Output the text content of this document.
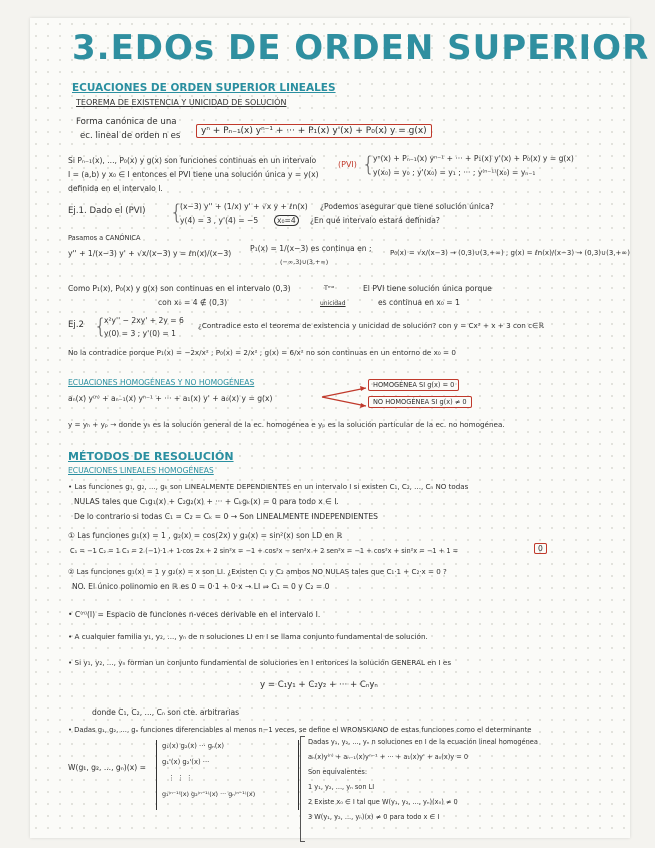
3.EDOs DE ORDEN SUPERIOR
ECUACIONES DE ORDEN SUPERIOR LINEALES
TEOREMA DE EXISTENCIA Y UNICIDAD DE SOLUCIÓN
Forma canónica de una
ec. lineal de orden n es	yⁿ + Pₙ₋₁(x) yⁿ⁻¹ + ··· + P₁(x) y'(x) + P₀(x) y = g(x)
(PVI) {
yⁿ(x) + Pₙ₋₁(x) yⁿ⁻¹ + ··· + P₁(x) y'(x) + P₀(x) y = g(x)
y(x₀) = y₀ ; y'(x₀) = y₁ ; ··· ; y⁽ⁿ⁻¹⁾(x₀) = yₙ₋₁
Si Pₙ₋₁(x), ..., P₀(x) y g(x) son funciones continuas en un intervalo
I = (a,b) y x₀ ∈ I entonces el PVI tiene una solución única y = y(x)
definida en el intervalo I.
Ej.1. Dado el (PVI) {
(x−3) y'' + (1/x) y' + √x y + ℓn(x)
y(4) = 3 , y'(4) = −5	x₀=4
¿Podemos asegurar que tiene solución única?
¿En qué intervalo estará definida?
Pasamos a CANÓNICA
y'' + 1/(x−3) y' + √x/(x−3) y = ℓn(x)/(x−3)
P₁(x) = 1/(x−3) es continua en ;
(−∞,3)∪(3,+∞)
P₀(x) = √x/(x−3) → (0,3)∪(3,+∞) ; g(x) = ℓn(x)/(x−3) → (0,3)∪(3,+∞)
Como P₁(x), P₀(x) y g(x) son continuas en el intervalo (0,3)
con x₀ = 4 ∉ (0,3)
Tᵐᵃ
unicidad
El PVI tiene solución única porque
es continua en x₀ = 1
Ej.2 {
x²y'' − 2xy' + 2y = 6
y(0) = 3 ; y'(0) = 1
¿Contradice esto el teorema de existencia y unicidad de solución? con y = Cx² + x + 3 con c∈ℝ
No la contradice porque P₁(x) = −2x/x² ; P₀(x) = 2/x² ; g(x) = 6/x² no son continuas en un entorno de x₀ = 0
ECUACIONES HOMOGÉNEAS Y NO HOMOGÉNEAS
aₙ(x) y⁽ⁿ⁾ + aₙ₋₁(x) yⁿ⁻¹ + ··· + a₁(x) y' + a₀(x) y = g(x)
HOMOGÉNEA SI g(x) = 0
NO HOMOGÉNEA SI g(x) ≠ 0
y = yₕ + yₚ → donde yₕ es la solución general de la ec. homogénea e yₚ es la solución particular de la ec. no homogénea.
MÉTODOS DE RESOLUCIÓN
ECUACIONES LINEALES HOMOGÉNEAS
• Las funciones g₁, g₂, ..., gₖ son LINEALMENTE DEPENDIENTES en un intervalo I si existen C₁, C₂, ..., Cₙ NO todas
NULAS tales que C₁g₁(x) + C₂g₂(x) + ··· + Cₖgₖ(x) = 0 para todo x ∈ I.
De lo contrario si todas C₁ = C₂ = Cₖ = 0 → Son LINEALMENTE INDEPENDIENTES
① Las funciones g₁(x) = 1 , g₂(x) = cos(2x) y g₃(x) = sin²(x) son LD en ℝ
C₁ = −1 C₂ = 1 C₃ = 2 (−1)·1 + 1·cos 2x + 2 sin²x = −1 + cos²x − sen²x + 2 sen²x = −1 + cos²x + sin²x = −1 + 1 =	0
② Las funciones g₁(x) = 1 y g₂(x) = x son LI. ¿Existen C₁ y C₂ ambos NO NULAS tales que C₁·1 + C₂·x = 0 ?
NO. El único polinomio en ℝ es 0 = 0·1 + 0·x → LI ⇒ C₁ = 0 y C₂ = 0
• C⁽ⁿ⁾(I) = Espacio de funciones n-veces derivable en el intervalo I.
• A cualquier familia y₁, y₂, ..., yₙ de n soluciones LI en I se llama conjunto fundamental de solución.
• Si y₁, y₂, ..., yₙ forman un conjunto fundamental de soluciones en I entonces la solución GENERAL en I es
y = C₁y₁ + C₂y₂ + ··· + Cₙyₙ
donde C₁, C₂, ..., Cₙ son cte. arbitrarias
• Dadas g₁, g₂, ..., gₙ funciones diferenciables al menos n−1 veces, se define el WRONSKIANO de estas funciones como el determinante
W(g₁, g₂, ..., gₙ)(x) =
g₁(x) g₂(x) ··· gₙ(x)
g₁'(x) g₂'(x) ···
⋮ ⋮ ⋮
g₁⁽ⁿ⁻¹⁾(x) g₂⁽ⁿ⁻¹⁾(x) ··· gₙ⁽ⁿ⁻¹⁾(x)
Dadas y₁, y₂, ..., yₙ n soluciones en I de la ecuación lineal homogénea
aₙ(x)y⁽ⁿ⁾ + aₙ₋₁(x)yⁿ⁻¹ + ··· + a₁(x)y' + a₀(x)y = 0
Son equivalentes:
1 y₁, y₂, ..., yₙ son LI
2 Existe x₀ ∈ I tal que W(y₁, y₂, ..., yₙ)(x₀) ≠ 0
3 W(y₁, y₂, ..., yₙ)(x) ≠ 0 para todo x ∈ I
